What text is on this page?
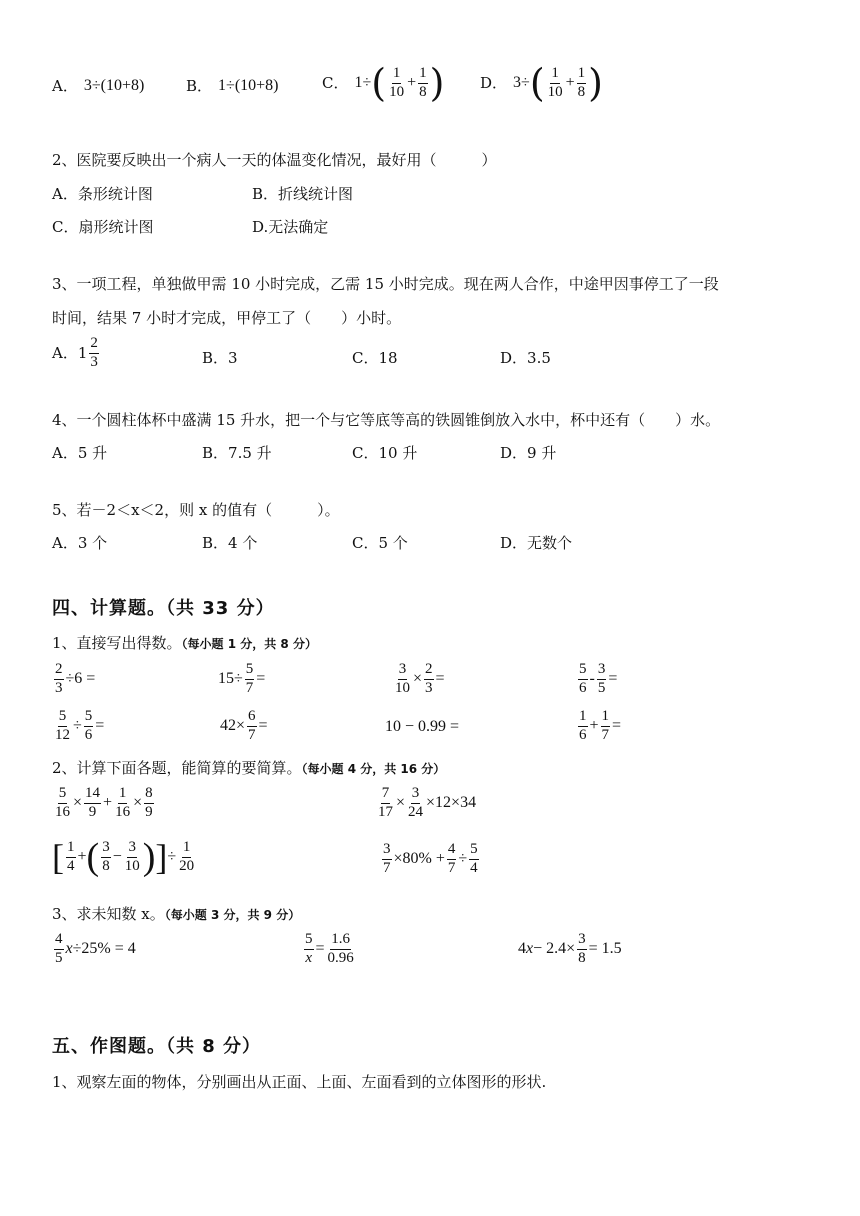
A． 3÷(10+8)	B． 1÷(10+8)	C． 1÷ ( $\frac{1}{10} + \frac{1}{8}$ ) D． 3÷ ( $\frac{1}{10} + \frac{1}{8}$ )
2、医院要反映出一个病人一天的体温变化情况，最好用（　　　）
A．条形统计图	B．折线统计图
C．扇形统计图	D.无法确定
3、一项工程，单独做甲需 10 小时完成，乙需 15 小时完成。现在两人合作，中途甲因事停工了一段
时间，结果 7 小时才完成，甲停工了（　　）小时。
A．$1 \frac{2}{3}$	B．3	C．18	D．3.5
4、一个圆柱体杯中盛满 15 升水，把一个与它等底等高的铁圆锥倒放入水中，杯中还有（　　）水。
A．5 升	B．7.5 升	C．10 升	D．9 升
5、若－2＜x＜2，则 x 的值有（　　　）。
A．3 个	B．4 个	C．5 个	D．无数个
四、计算题。（共 33 分）
1、直接写出得数。（每小题 1 分，共 8 分）
$\frac{2}{3} \div 6$ =	$15\div \frac{5}{7}$ =	$\frac{3}{10} \times \frac{2}{3}$ =	$\frac{5}{6} - \frac{3}{5}$ =
$\frac{5}{12} \div \frac{5}{6}$ =	$42\times \frac{6}{7}$ =	10 − 0.99 =	$\frac{1}{6} + \frac{1}{7}$ =
2、计算下面各题，能简算的要简算。（每小题 4 分，共 16 分）
$\frac{5}{16} \times \frac{14}{9} + \frac{1}{16} \times \frac{8}{9}$	$\frac{7}{17} \times \frac{3}{24} \times 12\times 34$
[ $\frac{1}{4}$ + ( $\frac{3}{8} - \frac{3}{10}$ ) ] ÷ $\frac{1}{20}$	$\frac{3}{7} \times 80\% + \frac{4}{7} \div \frac{5}{4}$
3、求未知数 x。（每小题 3 分，共 9 分）
$\frac{4}{5}$ x ÷25% = 4	$\frac{5}{x} = \frac{1.6}{0.96}$	4 $x - 2.4\times \frac{3}{8} = 1.5$
五、作图题。（共 8 分）
1、观察左面的物体，分别画出从正面、上面、左面看到的立体图形的形状.
